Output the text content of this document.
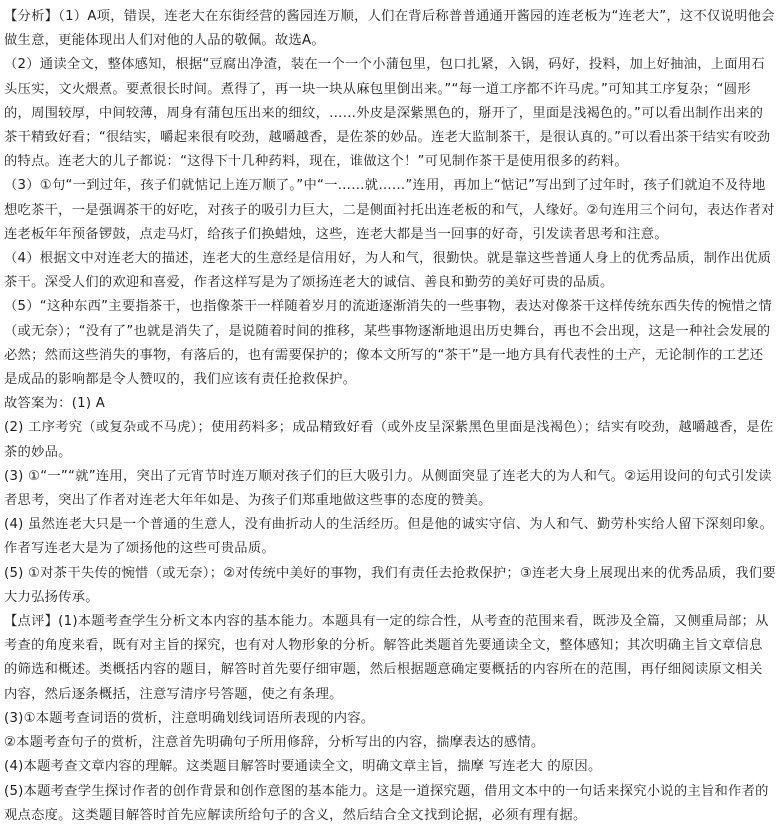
【分析】（1）A项，错误，连老大在东街经营的酱园连万顺，人们在背后称普普通通开酱园的连老板为“连老大”，这不仅说明他会做生意，更能体现出人们对他的人品的敬佩。故选A。

（2）通读全文，整体感知，根据“豆腐出净渣，装在一个一个小蒲包里，包口扎紧，入锅，码好，投料，加上好抽油，上面用石头压实，文火煨煮。要煮很长时间。煮得了，再一块一块从麻包里倒出来。”“每一道工序都不许马虎。”可知其工序复杂；“圆形的，周围较厚，中间较薄，周身有蒲包压出来的细纹，……外皮是深紫黑色的，掰开了，里面是浅褐色的。”可以看出制作出来的茶干精致好看；“很结实，嚼起来很有咬劲，越嚼越香，是佐茶的妙品。连老大监制茶干，是很认真的。”可以看出茶干结实有咬劲的特点。连老大的儿子都说：“这得下十几种药料，现在，谁做这个！”可见制作茶干是使用很多的药料。

（3）①句“一到过年，孩子们就惦记上连万顺了。”中“一……就……”连用，再加上“惦记”写出到了过年时，孩子们就迫不及待地想吃茶干，一是强调茶干的好吃，对孩子的吸引力巨大，二是侧面衬托出连老板的和气，人缘好。②句连用三个问句，表达作者对连老板年年预备锣鼓，点走马灯，给孩子们换蜡烛，这些，连老大都是当一回事的好奇，引发读者思考和注意。

（4）根据文中对连老大的描述，连老大的生意经是信用好，为人和气，很勤快。就是靠这些普通人身上的优秀品质，制作出优质茶干。深受人们的欢迎和喜爱，作者这样写是为了颂扬连老大的诚信、善良和勤劳的美好可贵的品质。

（5）“这种东西”主要指茶干，也指像茶干一样随着岁月的流逝逐渐消失的一些事物，表达对像茶干这样传统东西失传的惋惜之情（或无奈）；“没有了”也就是消失了，是说随着时间的推移，某些事物逐渐地退出历史舞台，再也不会出现，这是一种社会发展的必然；然而这些消失的事物，有落后的，也有需要保护的；像本文所写的“茶干”是一地方具有代表性的土产，无论制作的工艺还是成品的影响都是令人赞叹的，我们应该有责任抢救保护。

故答案为：(1) A

(2) 工序考究（或复杂或不马虎）；使用药料多；成品精致好看（或外皮呈深紫黑色里面是浅褐色）；结实有咬劲，越嚼越香，是佐茶的妙品。

(3) ①“一”“就”连用，突出了元宵节时连万顺对孩子们的巨大吸引力。从侧面突显了连老大的为人和气。②运用设问的句式引发读者思考，突出了作者对连老大年年如是、为孩子们郑重地做这些事的态度的赞美。

(4) 虽然连老大只是一个普通的生意人，没有曲折动人的生活经历。但是他的诚实守信、为人和气、勤劳朴实给人留下深刻印象。作者写连老大是为了颂扬他的这些可贵品质。

(5) ①对茶干失传的惋惜（或无奈）；②对传统中美好的事物，我们有责任去抢救保护；③连老大身上展现出来的优秀品质，我们要大力弘扬传承。

【点评】(1)本题考查学生分析文本内容的基本能力。本题具有一定的综合性，从考查的范围来看，既涉及全篇，又侧重局部；从考查的角度来看，既有对主旨的探究，也有对人物形象的分析。解答此类题首先要通读全文，整体感知；其次明确主旨文章信息的筛选和概述。类概括内容的题目，解答时首先要仔细审题，然后根据题意确定要概括的内容所在的范围，再仔细阅读原文相关内容，然后逐条概括，注意写清序号答题，使之有条理。

(3)①本题考查词语的赏析，注意明确划线词语所表现的内容。

②本题考查句子的赏析，注意首先明确句子所用修辞，分析写出的内容，揣摩表达的感情。

(4)本题考查文章内容的理解。这类题目解答时要通读全文，明确文章主旨，揣摩 写连老大 的原因。

(5)本题考查学生探讨作者的创作背景和创作意图的基本能力。这是一道探究题，借用文本中的一句话来探究小说的主旨和作者的观点态度。这类题目解答时首先应解读所给句子的含义，然后结合全文找到论据，必须有理有据。
